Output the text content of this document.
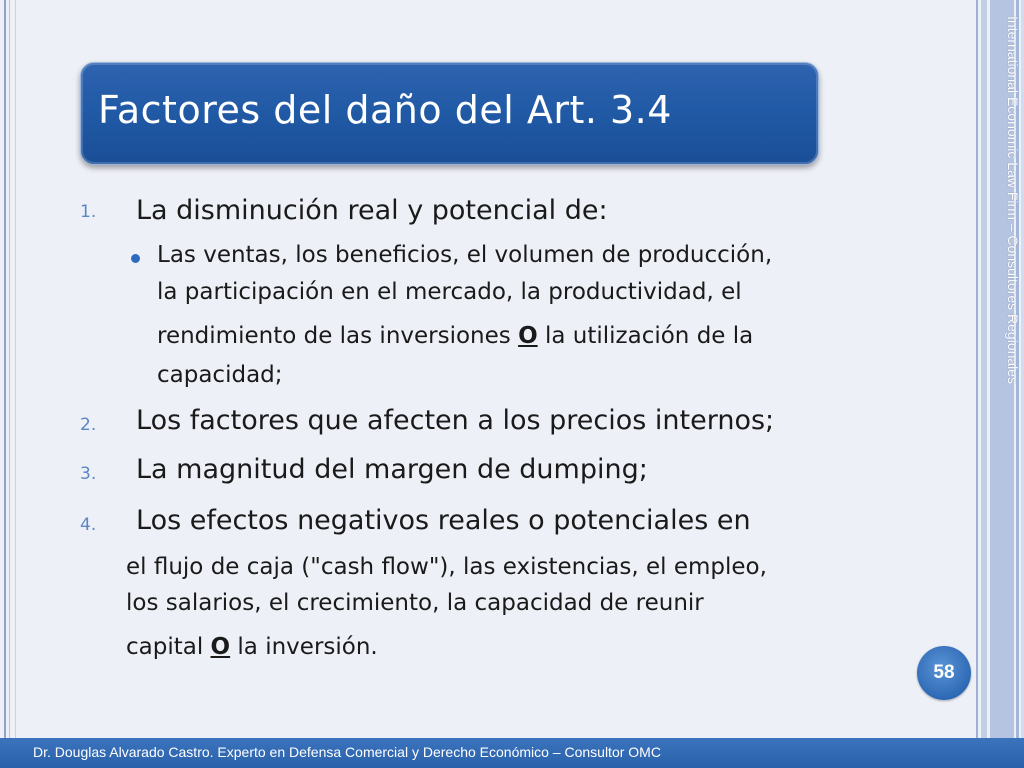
International Economic Law Firm – Consultores Regionales
Factores del daño del Art. 3.4
1. La disminución real y potencial de:
Las ventas, los beneficios, el volumen de producción,
la participación en el mercado, la productividad, el
rendimiento de las inversiones O la utilización de la
capacidad;
2. Los factores que afecten a los precios internos;
3. La magnitud del margen de dumping;
4. Los efectos negativos reales o potenciales en
el flujo de caja ("cash flow"), las existencias, el empleo,
los salarios, el crecimiento, la capacidad de reunir
capital O la inversión.
58
Dr. Douglas Alvarado Castro. Experto en Defensa Comercial y Derecho Económico – Consultor OMC
